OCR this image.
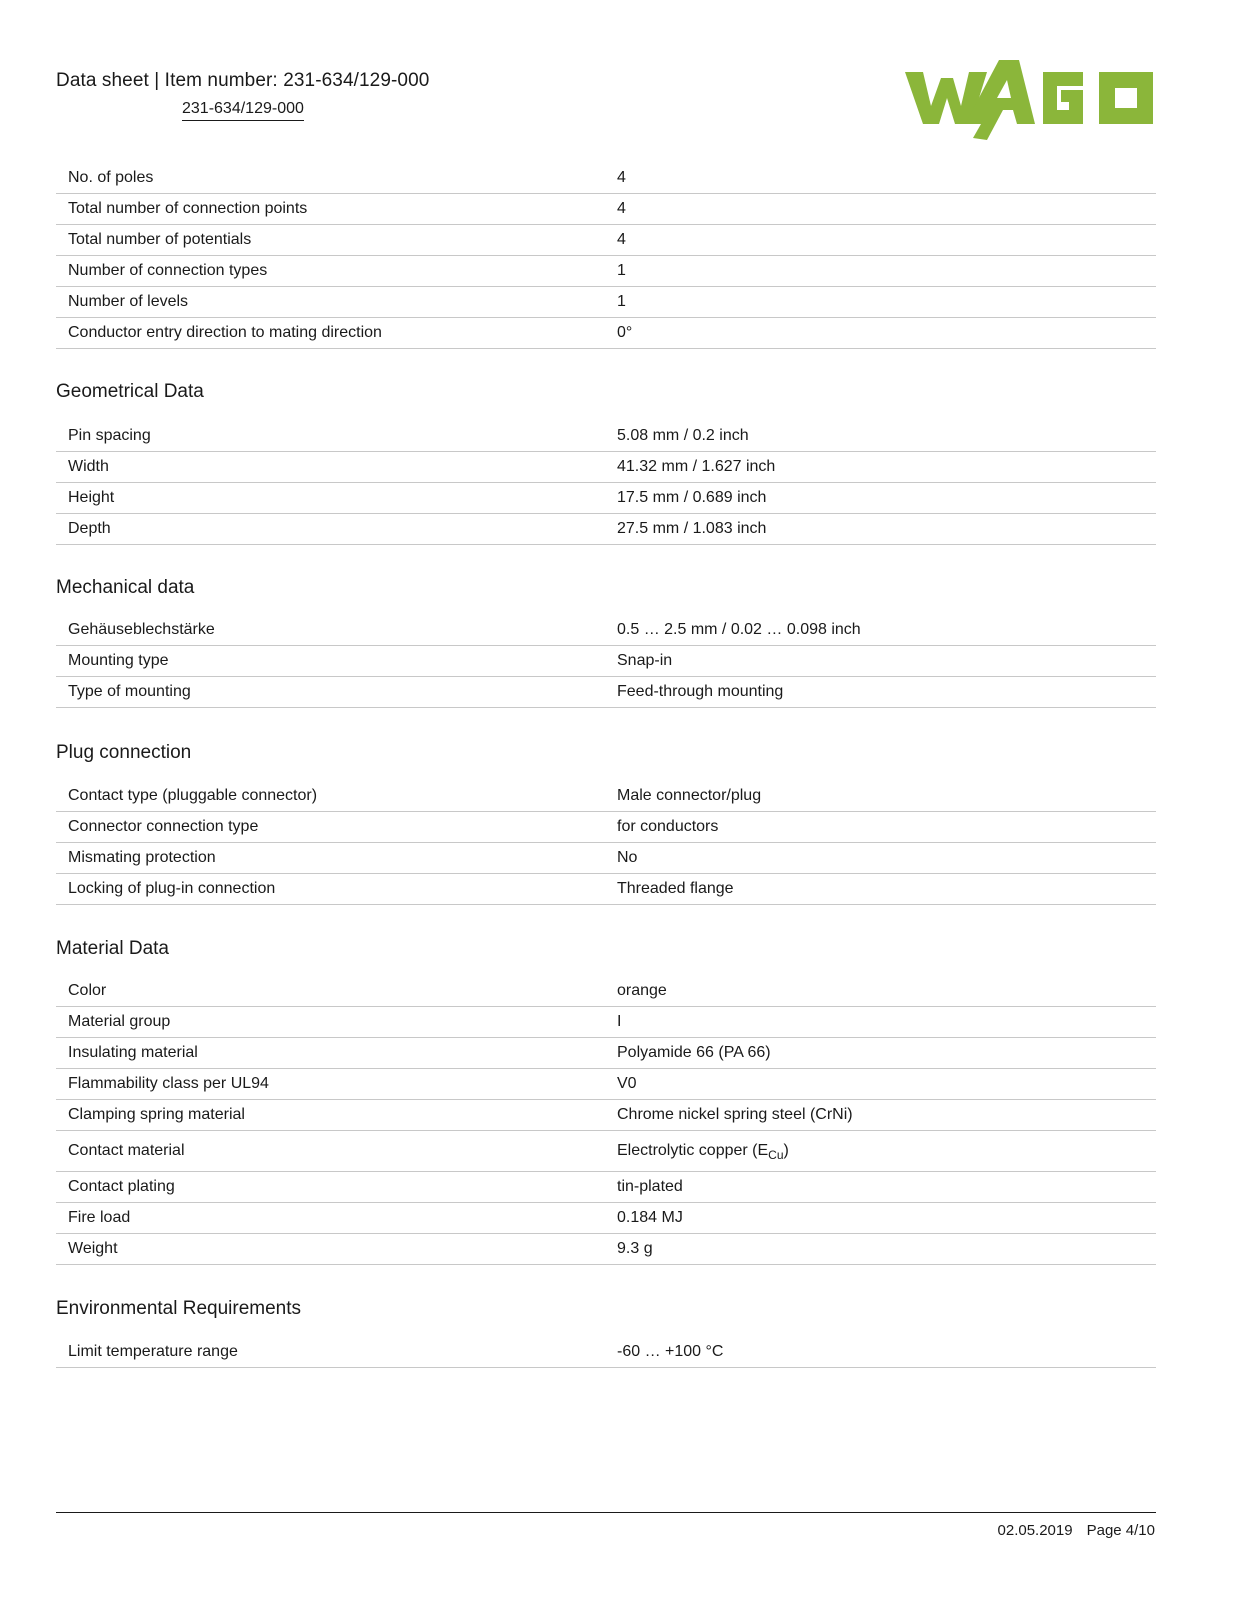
Data sheet | Item number: 231-634/129-000
231-634/129-000
No. of poles	4
Total number of connection points	4
Total number of potentials	4
Number of connection types	1
Number of levels	1
Conductor entry direction to mating direction	0°
Geometrical Data
Pin spacing	5.08 mm / 0.2 inch
Width	41.32 mm / 1.627 inch
Height	17.5 mm / 0.689 inch
Depth	27.5 mm / 1.083 inch
Mechanical data
Gehäuseblechstärke	0.5 … 2.5 mm / 0.02 … 0.098 inch
Mounting type	Snap-in
Type of mounting	Feed-through mounting
Plug connection
Contact type (pluggable connector)	Male connector/plug
Connector connection type	for conductors
Mismating protection	No
Locking of plug-in connection	Threaded flange
Material Data
Color	orange
Material group	I
Insulating material	Polyamide 66 (PA 66)
Flammability class per UL94	V0
Clamping spring material	Chrome nickel spring steel (CrNi)
Contact material	Electrolytic copper $(E_{Cu})$
Contact plating	tin-plated
Fire load	0.184 MJ
Weight	9.3 g
Environmental Requirements
Limit temperature range	-60 … +100 °C
02.05.2019 Page 4/10
